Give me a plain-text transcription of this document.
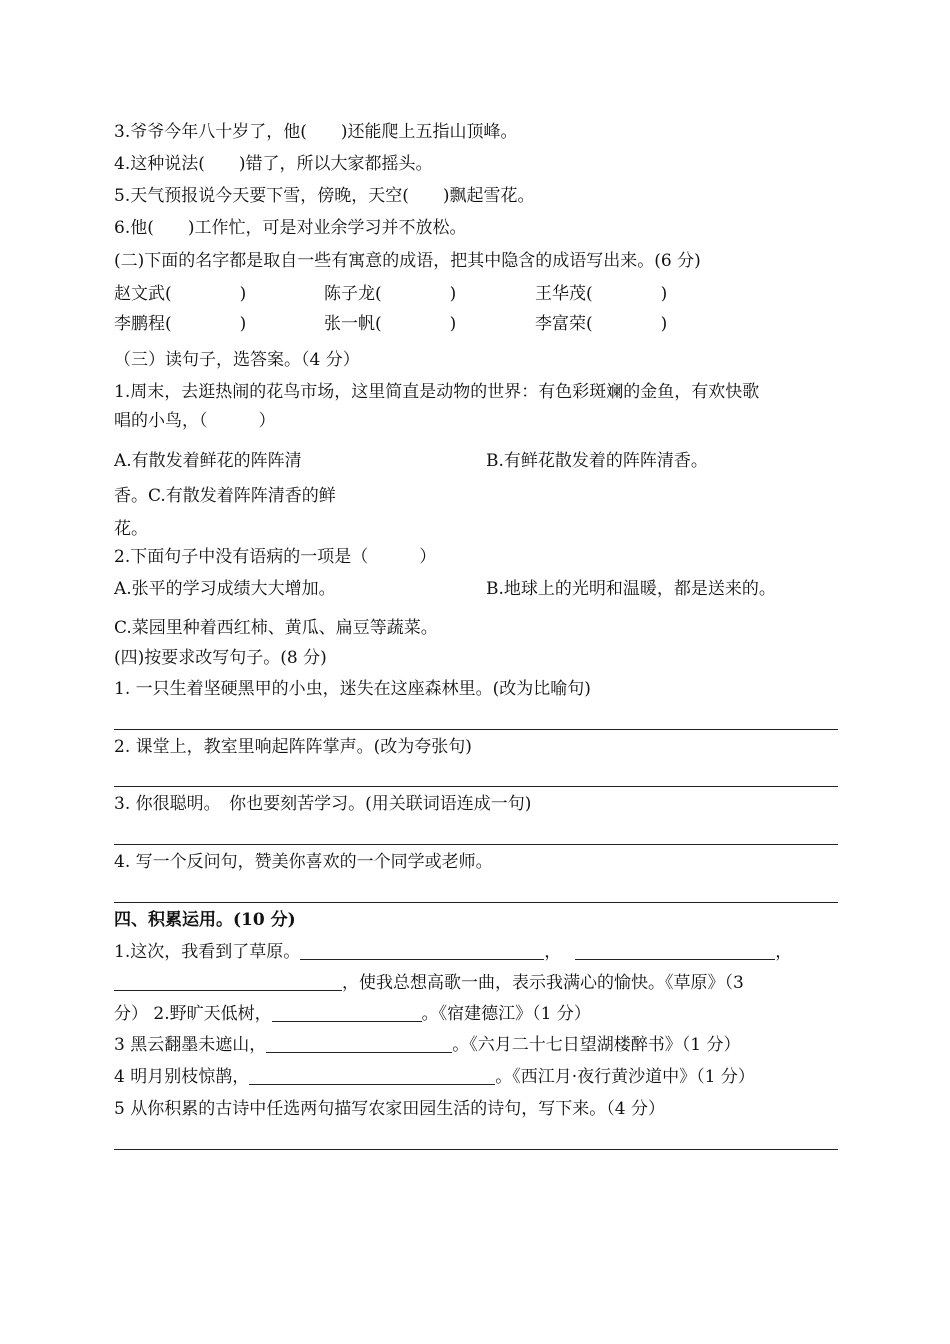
3.爷爷今年八十岁了，他(　　)还能爬上五指山顶峰。
4.这种说法(　　)错了，所以大家都摇头。
5.天气预报说今天要下雪，傍晚，天空(　　)飘起雪花。
6.他(　　)工作忙，可是对业余学习并不放松。
(二)下面的名字都是取自一些有寓意的成语，把其中隐含的成语写出来。(6 分)
赵文武(　　　　)	陈子龙(　　　　)	王华茂(　　　　)
李鹏程(　　　　)	张一帆(　　　　)	李富荣(　　　　)
（三）读句子，选答案。（4 分）
1.周末，去逛热闹的花鸟市场，这里简直是动物的世界：有色彩斑斓的金鱼，有欢快歌
唱的小鸟，（　　　）
A.有散发着鲜花的阵阵清	B.有鲜花散发着的阵阵清香。
香。C.有散发着阵阵清香的鲜
花。
2.下面句子中没有语病的一项是（　　　）
A.张平的学习成绩大大增加。	B.地球上的光明和温暖，都是送来的。
C.菜园里种着西红柿、黄瓜、扁豆等蔬菜。
(四)按要求改写句子。(8 分)
1. 一只生着坚硬黑甲的小虫，迷失在这座森林里。(改为比喻句)
2. 课堂上，教室里响起阵阵掌声。(改为夸张句)
3. 你很聪明。　你也要刻苦学习。(用关联词语连成一句)
4. 写一个反问句，赞美你喜欢的一个同学或老师。
四、积累运用。(10 分)
1.这次，我看到了草原。	，	，
，使我总想高歌一曲，表示我满心的愉快。《草原》（3
分） 2.野旷天低树，	。《宿建德江》（1 分）
3 黑云翻墨未遮山，	。《六月二十七日望湖楼醉书》（1 分）
4 明月别枝惊鹊，	。《西江月·夜行黄沙道中》（1 分）
5 从你积累的古诗中任选两句描写农家田园生活的诗句，写下来。（4 分）
